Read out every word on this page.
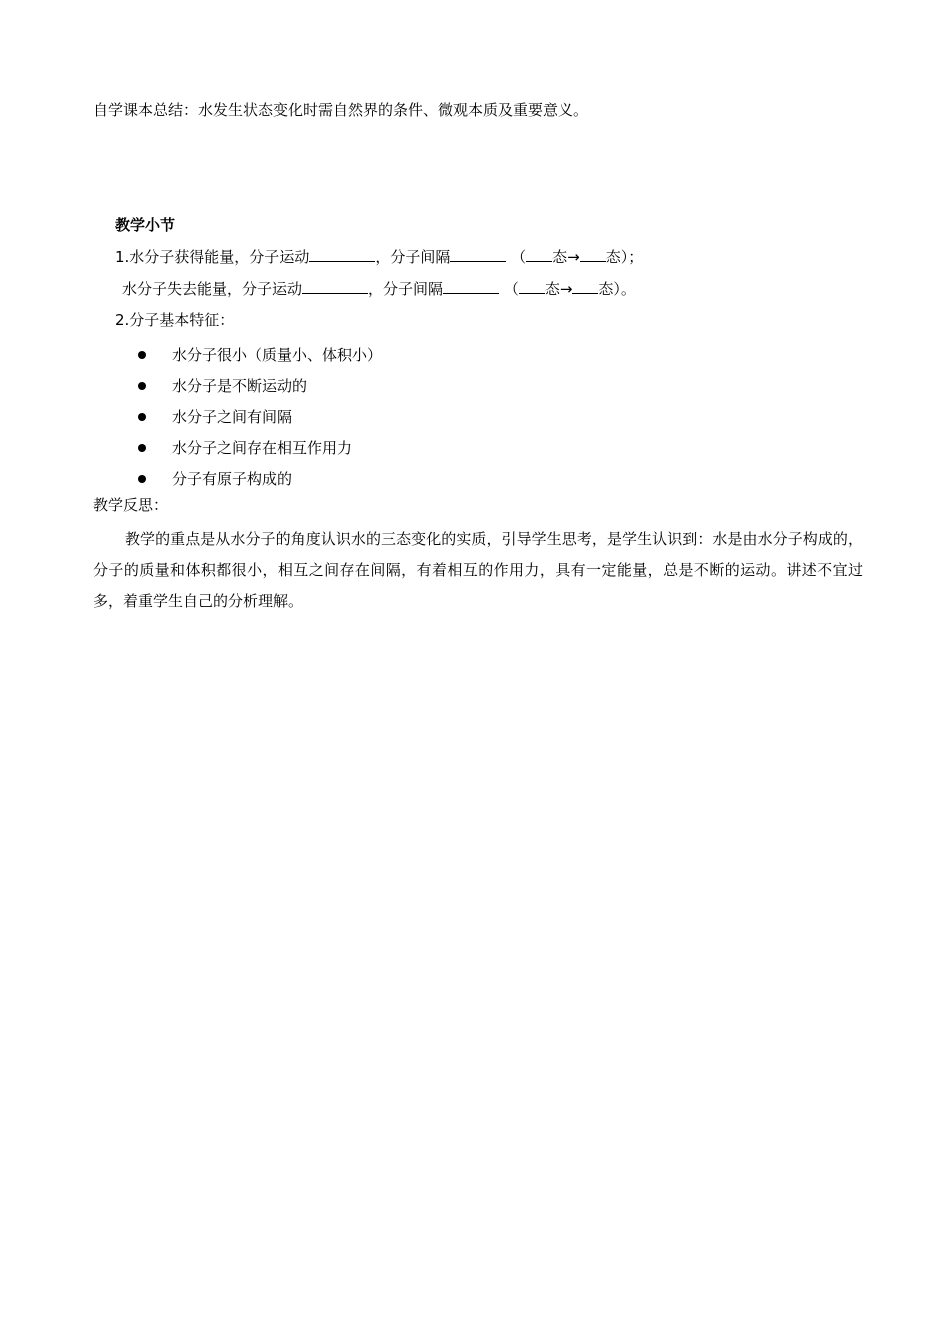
自学课本总结：水发生状态变化时需自然界的条件、微观本质及重要意义。
教学小节
1.水分子获得能量，分子运动	，分子间隔	（ 态→ 态）；
水分子失去能量，分子运动	，分子间隔	（ 态→ 态）。
2.分子基本特征：
水分子很小（质量小、体积小）
水分子是不断运动的
水分子之间有间隔
水分子之间存在相互作用力
分子有原子构成的
教学反思：
教学的重点是从水分子的角度认识水的三态变化的实质，引导学生思考，是学生认识到：水是由水分子构成的，分子的质量和体积都很小，相互之间存在间隔，有着相互的作用力，具有一定能量，总是不断的运动。讲述不宜过多，着重学生自己的分析理解。
